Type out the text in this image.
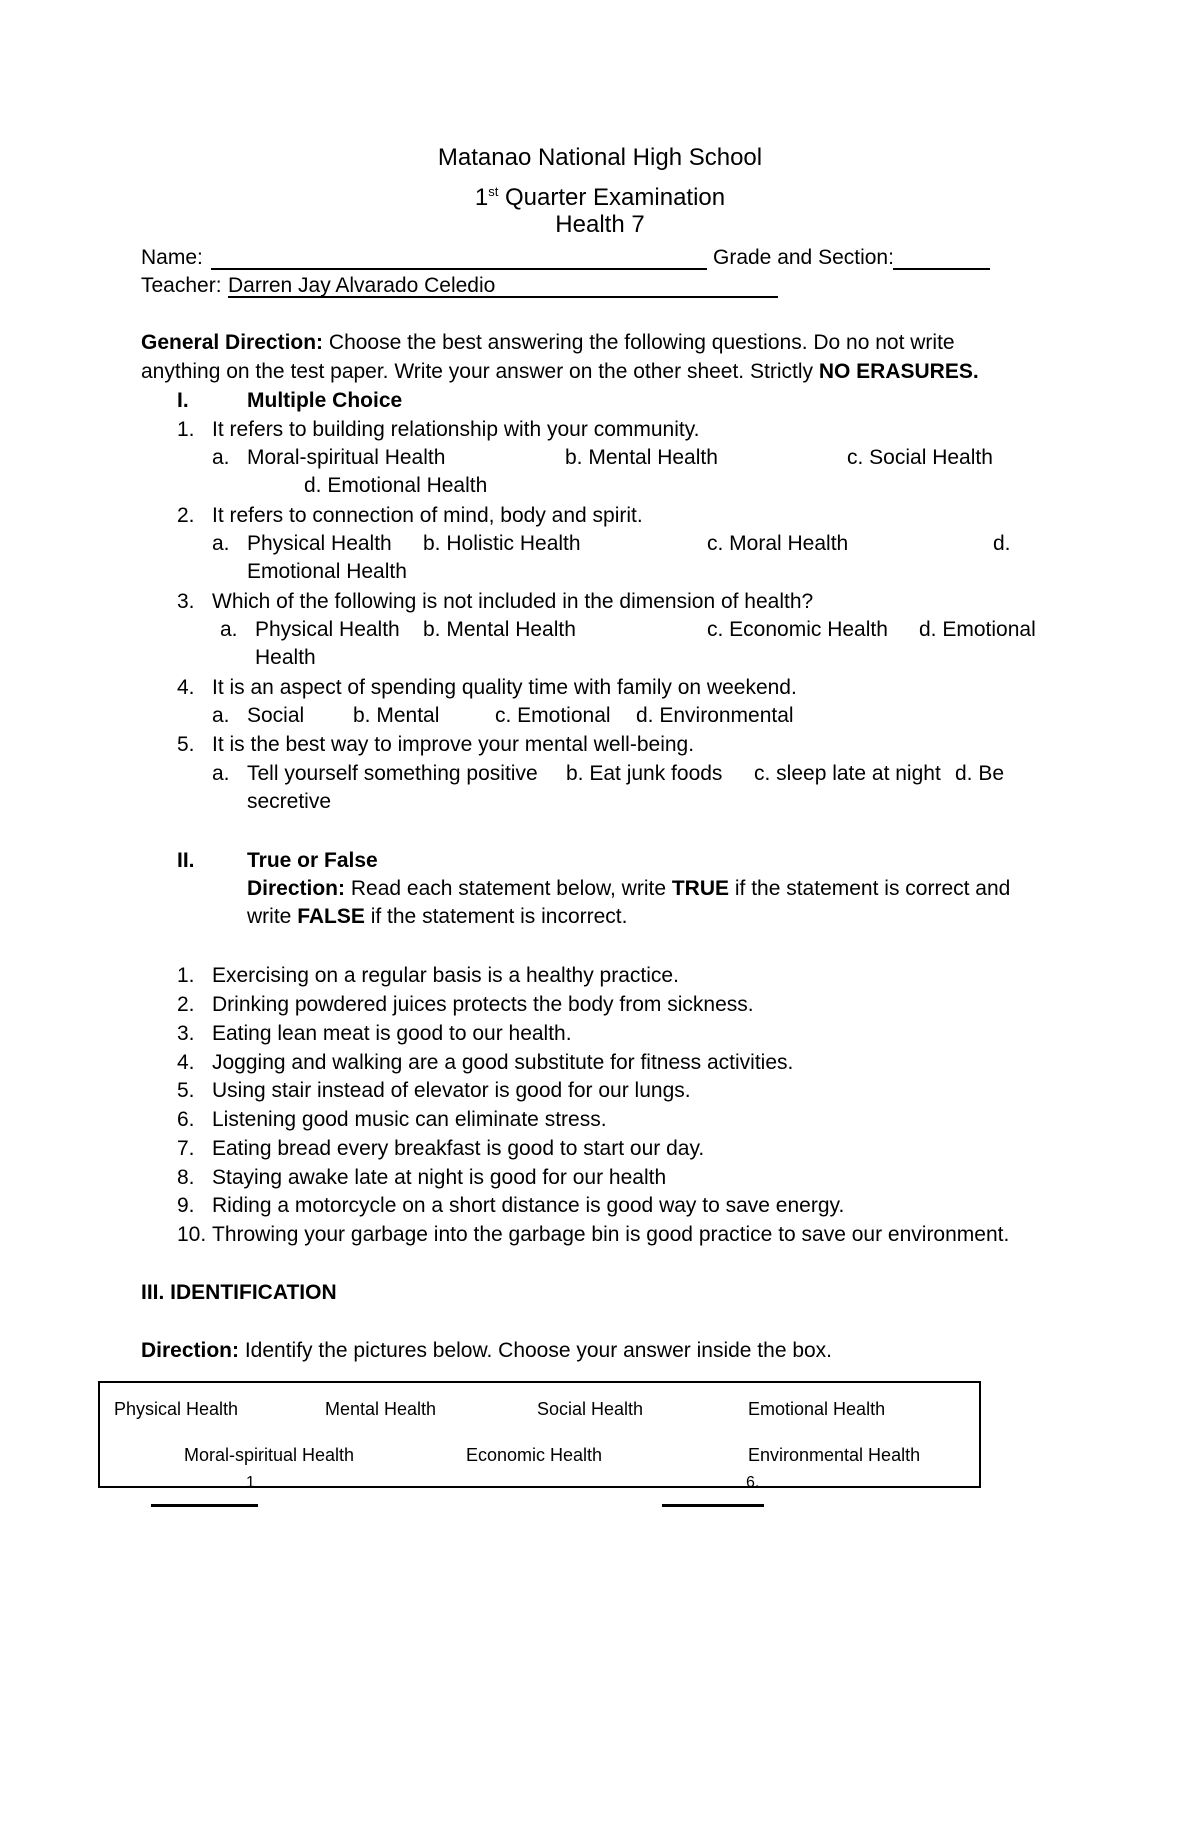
Matanao National High School
1st Quarter Examination
Health 7
Name:	Grade and Section:
Teacher: Darren Jay Alvarado Celedio
General Direction: Choose the best answering the following questions. Do no not write
anything on the test paper. Write your answer on the other sheet. Strictly NO ERASURES.
I.	Multiple Choice
1. It refers to building relationship with your community.
a. Moral-spiritual Health	b. Mental Health	c. Social Health
d. Emotional Health
2. It refers to connection of mind, body and spirit.
a. Physical Health b. Holistic Health	c. Moral Health	d.
Emotional Health
3. Which of the following is not included in the dimension of health?
a. Physical Health b. Mental Health	c. Economic Health d. Emotional
Health
4. It is an aspect of spending quality time with family on weekend.
a. Social b. Mental	c. Emotional d. Environmental
5. It is the best way to improve your mental well-being.
a. Tell yourself something positive b. Eat junk foods c. sleep late at night d. Be
secretive
II. True or False
Direction: Read each statement below, write TRUE if the statement is correct and
write FALSE if the statement is incorrect.
1. Exercising on a regular basis is a healthy practice.
2. Drinking powdered juices protects the body from sickness.
3. Eating lean meat is good to our health.
4. Jogging and walking are a good substitute for fitness activities.
5. Using stair instead of elevator is good for our lungs.
6. Listening good music can eliminate stress.
7. Eating bread every breakfast is good to start our day.
8. Staying awake late at night is good for our health
9. Riding a motorcycle on a short distance is good way to save energy.
10. Throwing your garbage into the garbage bin is good practice to save our environment.
III. IDENTIFICATION
Direction: Identify the pictures below. Choose your answer inside the box.
Physical Health	Mental Health	Social Health	Emotional Health
Moral-spiritual Health	Economic Health	Environmental Health
1	6.
